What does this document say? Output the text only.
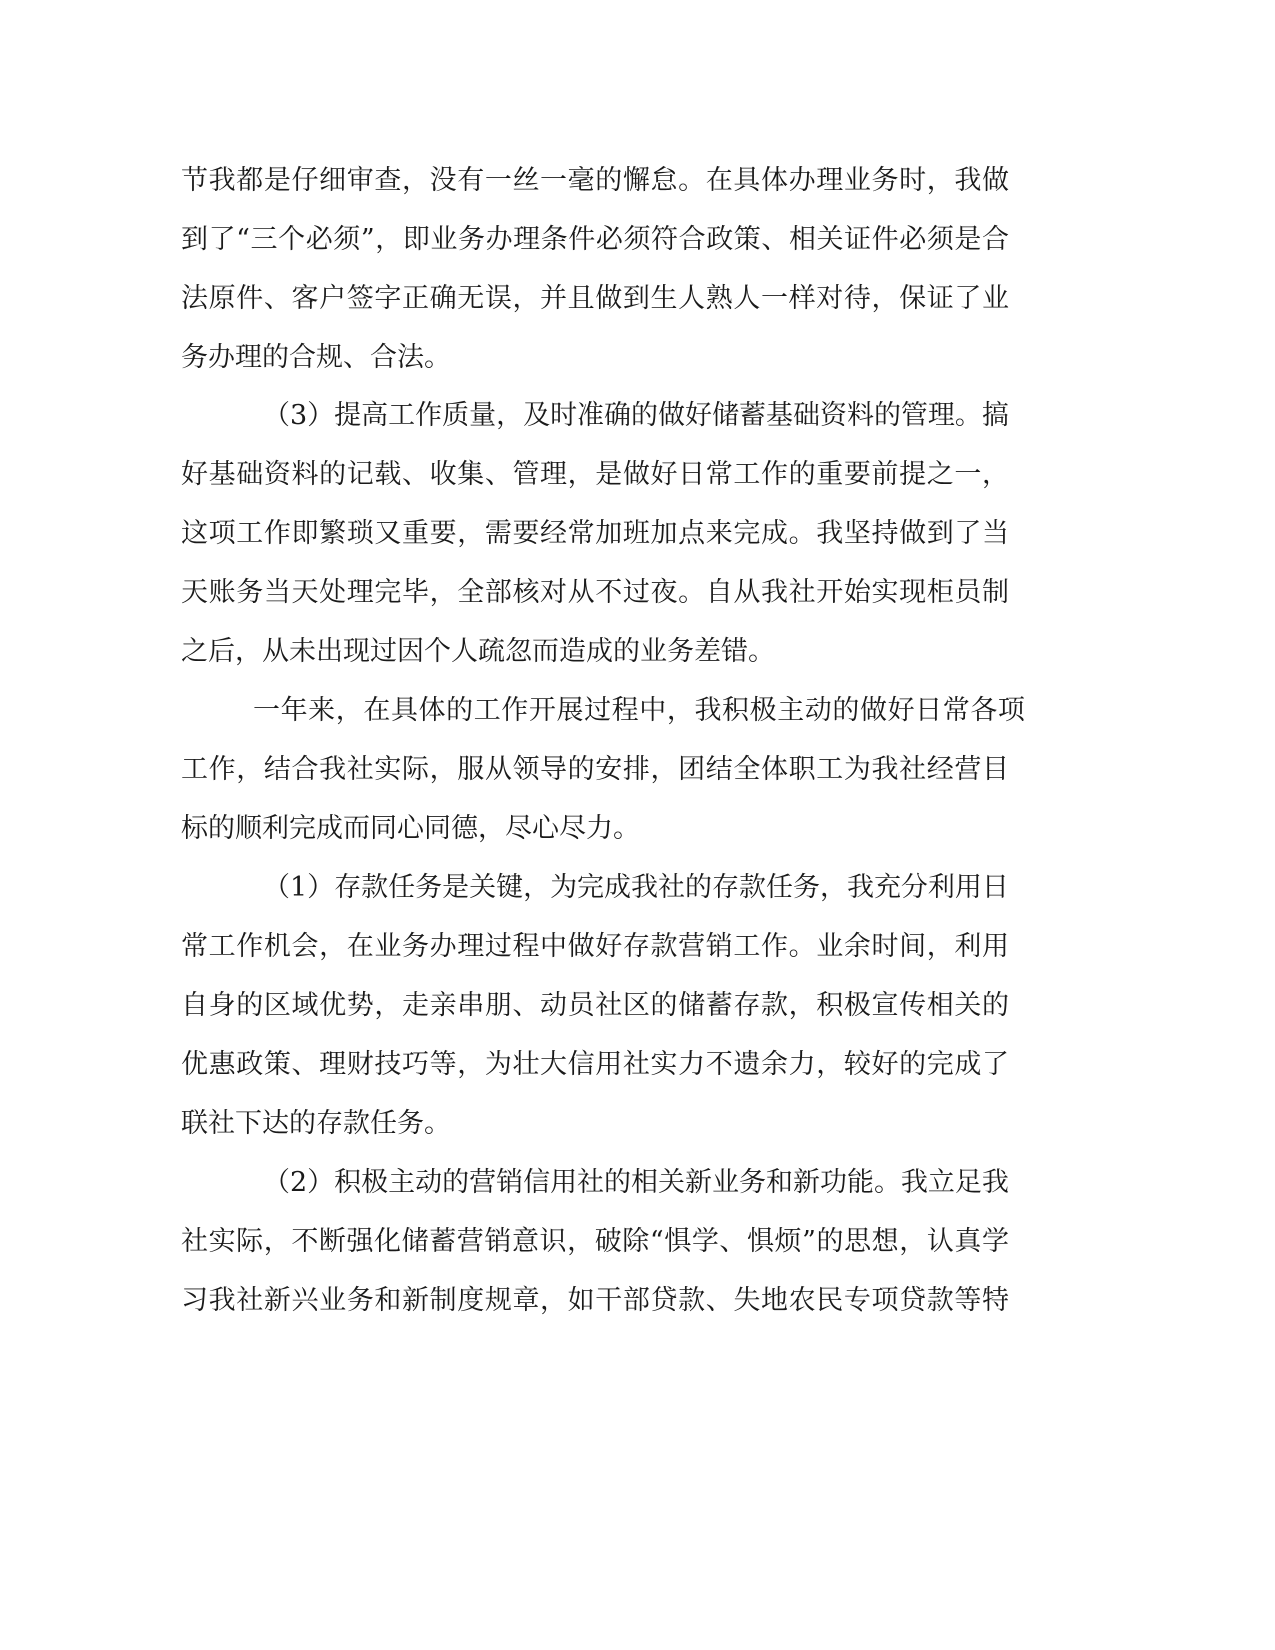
节我都是仔细审查，没有一丝一毫的懈怠。在具体办理业务时，我做
到了“三个必须”，即业务办理条件必须符合政策、相关证件必须是合
法原件、客户签字正确无误，并且做到生人熟人一样对待，保证了业
务办理的合规、合法。
（3）提高工作质量，及时准确的做好储蓄基础资料的管理。搞
好基础资料的记载、收集、管理，是做好日常工作的重要前提之一，
这项工作即繁琐又重要，需要经常加班加点来完成。我坚持做到了当
天账务当天处理完毕，全部核对从不过夜。自从我社开始实现柜员制
之后，从未出现过因个人疏忽而造成的业务差错。
一年来，在具体的工作开展过程中，我积极主动的做好日常各项
工作，结合我社实际，服从领导的安排，团结全体职工为我社经营目
标的顺利完成而同心同德，尽心尽力。
（1）存款任务是关键，为完成我社的存款任务，我充分利用日
常工作机会，在业务办理过程中做好存款营销工作。业余时间，利用
自身的区域优势，走亲串朋、动员社区的储蓄存款，积极宣传相关的
优惠政策、理财技巧等，为壮大信用社实力不遗余力，较好的完成了
联社下达的存款任务。
（2）积极主动的营销信用社的相关新业务和新功能。我立足我
社实际，不断强化储蓄营销意识，破除“惧学、惧烦”的思想，认真学
习我社新兴业务和新制度规章，如干部贷款、失地农民专项贷款等特
